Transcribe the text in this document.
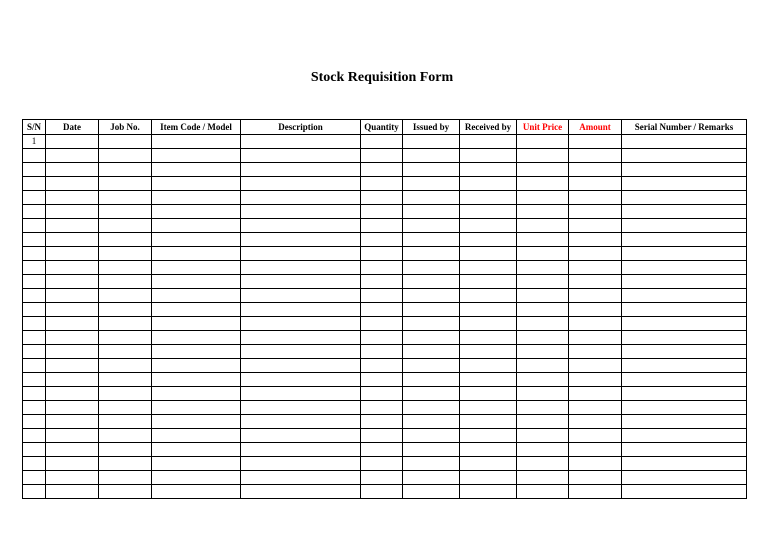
Stock Requisition Form
S/N	Date	Job No.	Item Code / Model	Description	Quantity	Issued by	Received by	Unit Price	Amount	Serial Number / Remarks
1										
